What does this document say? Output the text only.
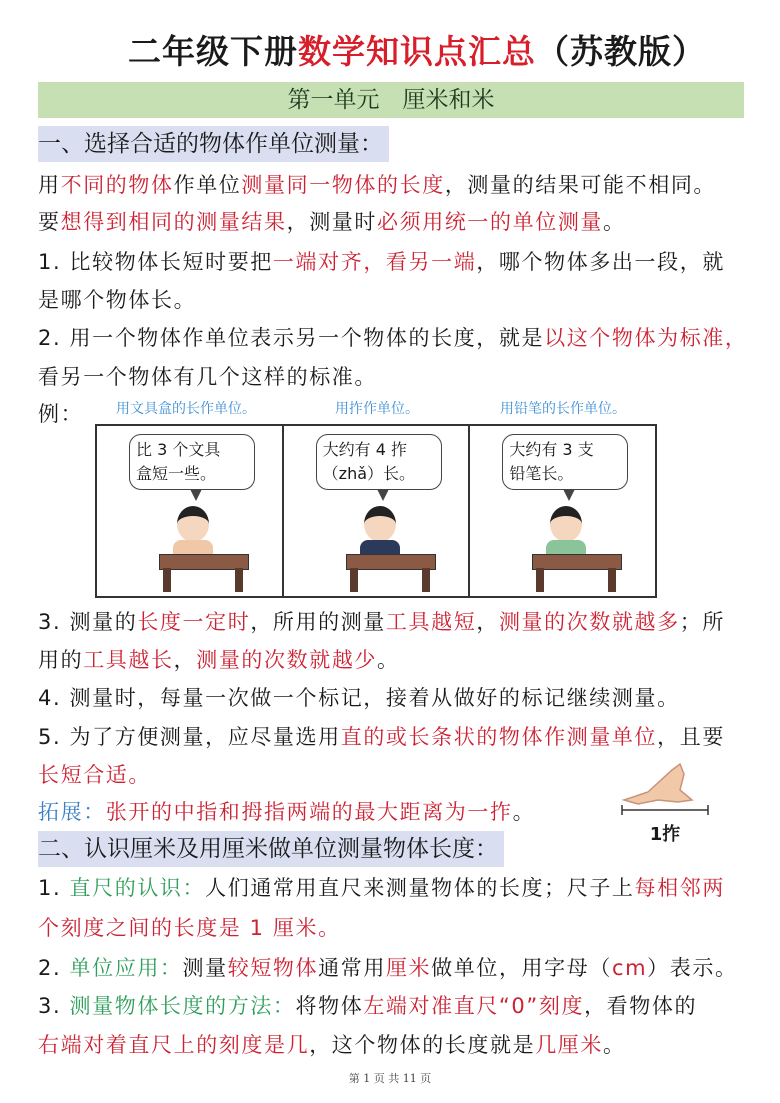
二年级下册数学知识点汇总（苏教版）
第一单元　厘米和米
一、选择合适的物体作单位测量：
用不同的物体作单位测量同一物体的长度，测量的结果可能不相同。
要想得到相同的测量结果，测量时必须用统一的单位测量。
1. 比较物体长短时要把一端对齐，看另一端，哪个物体多出一段，就
是哪个物体长。
2. 用一个物体作单位表示另一个物体的长度，就是以这个物体为标准，
看另一个物体有几个这样的标准。
例： 用文具盒的长作单位。	用拃作单位。	用铅笔的长作单位。
比 3 个文具
盒短一些。
大约有 4 拃
（zhǎ）长。
大约有 3 支
铅笔长。
3. 测量的长度一定时，所用的测量工具越短，测量的次数就越多；所
用的工具越长，测量的次数就越少。
4. 测量时，每量一次做一个标记，接着从做好的标记继续测量。
5. 为了方便测量，应尽量选用直的或长条状的物体作测量单位，且要
长短合适。
拓展：张开的中指和拇指两端的最大距离为一拃。
1拃
二、认识厘米及用厘米做单位测量物体长度：
1. 直尺的认识：人们通常用直尺来测量物体的长度；尺子上每相邻两
个刻度之间的长度是 1 厘米。
2. 单位应用：测量较短物体通常用厘米做单位，用字母（cm）表示。
3. 测量物体长度的方法：将物体左端对准直尺“0”刻度，看物体的
右端对着直尺上的刻度是几，这个物体的长度就是几厘米。
第 1 页 共 11 页
